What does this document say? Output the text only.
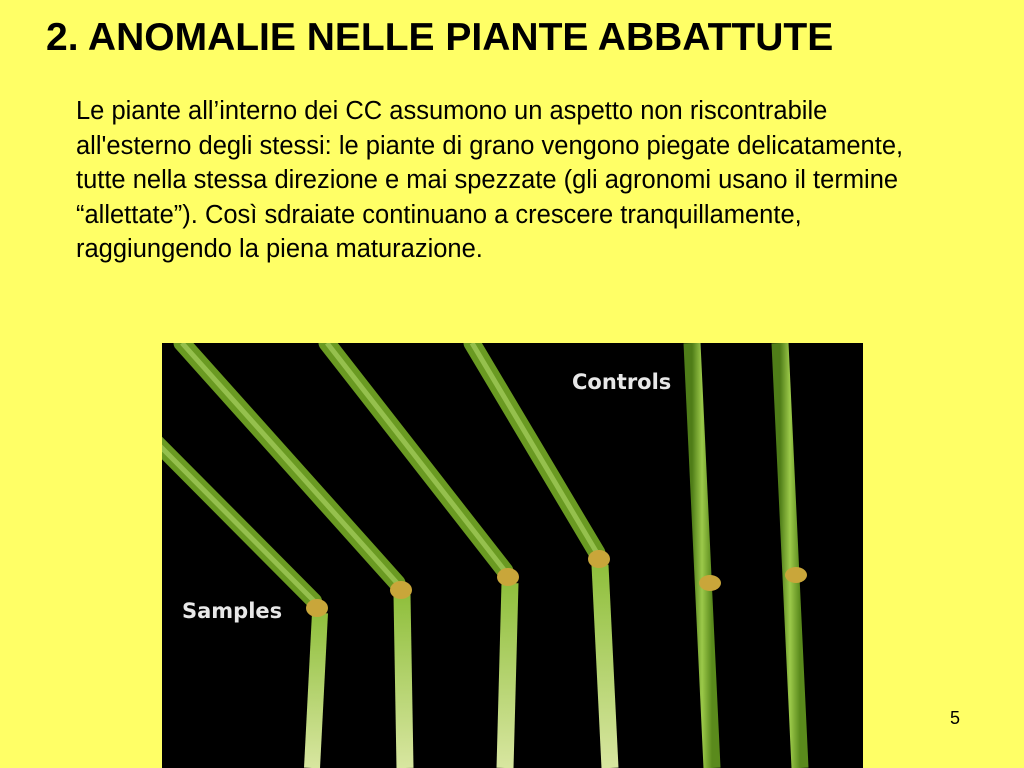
2. ANOMALIE NELLE PIANTE ABBATTUTE
Le piante all’interno dei CC assumono un aspetto non riscontrabile all'esterno degli stessi: le piante di grano vengono piegate delicatamente, tutte nella stessa direzione e mai spezzate (gli agronomi usano il termine “allettate”). Così sdraiate continuano a crescere tranquillamente, raggiungendo la piena maturazione.
Controls
Samples
5
